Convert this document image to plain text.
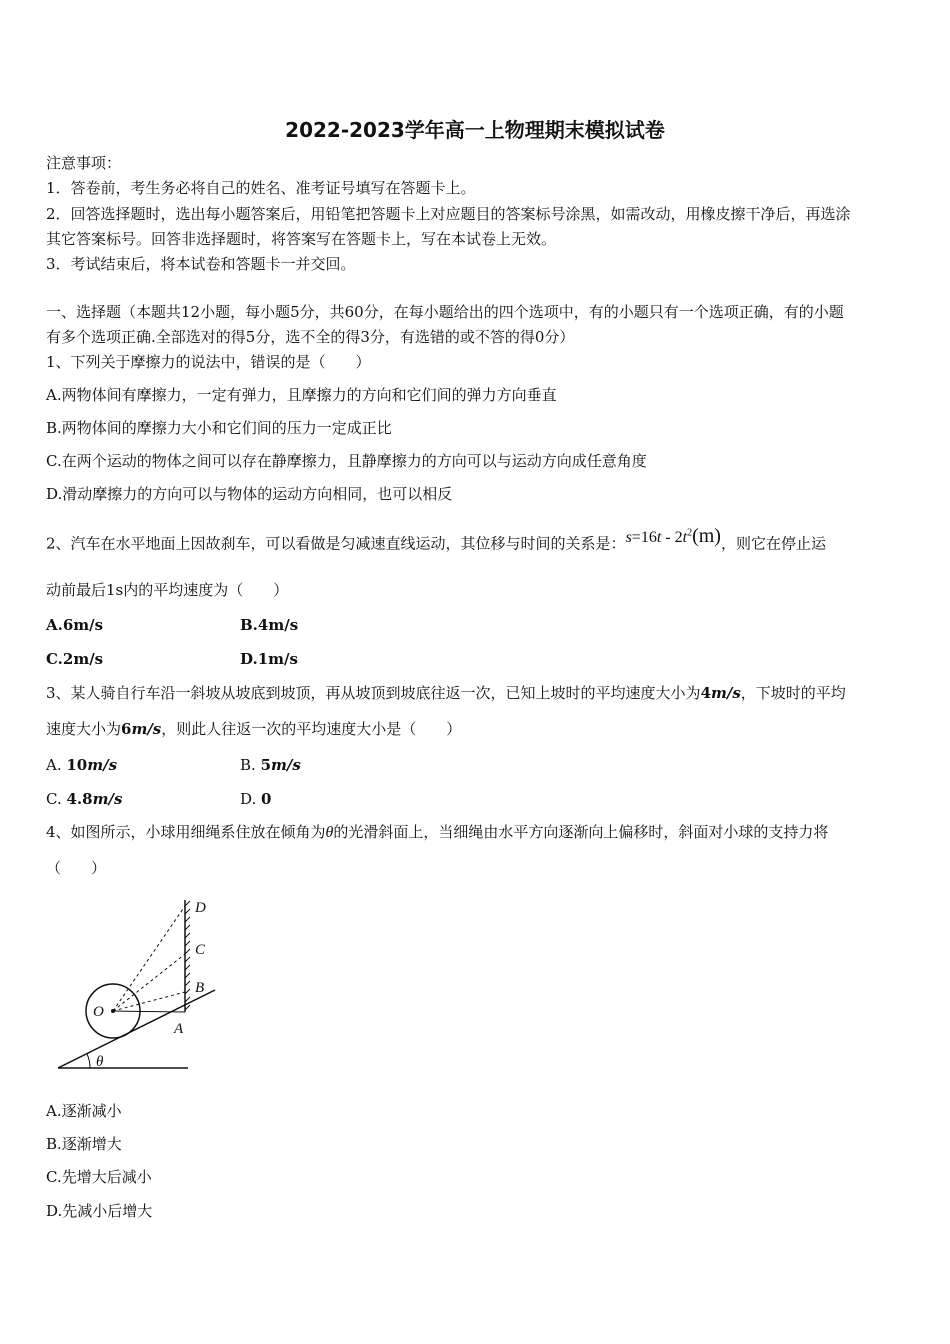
2022-2023学年高一上物理期末模拟试卷
注意事项：
1．答卷前，考生务必将自己的姓名、准考证号填写在答题卡上。
2．回答选择题时，选出每小题答案后，用铅笔把答题卡上对应题目的答案标号涂黑，如需改动，用橡皮擦干净后，再选涂
其它答案标号。回答非选择题时，将答案写在答题卡上，写在本试卷上无效。
3．考试结束后，将本试卷和答题卡一并交回。
一、选择题（本题共12小题，每小题5分，共60分，在每小题给出的四个选项中，有的小题只有一个选项正确，有的小题
有多个选项正确.全部选对的得5分，选不全的得3分，有选错的或不答的得0分）
1、下列关于摩擦力的说法中，错误的是（　　）
A.两物体间有摩擦力，一定有弹力，且摩擦力的方向和它们间的弹力方向垂直
B.两物体间的摩擦力大小和它们间的压力一定成正比
C.在两个运动的物体之间可以存在静摩擦力，且静摩擦力的方向可以与运动方向成任意角度
D.滑动摩擦力的方向可以与物体的运动方向相同，也可以相反
2、汽车在水平地面上因故刹车，可以看做是匀减速直线运动，其位移与时间的关系是：$s=16t - 2t^2(m)$，则它在停止运
动前最后1s内的平均速度为（　　）
A.6m/s	B.4m/s
C.2m/s	D.1m/s
3、某人骑自行车沿一斜坡从坡底到坡顶，再从坡顶到坡底往返一次，已知上坡时的平均速度大小为4m/s，下坡时的平均
速度大小为6m/s，则此人往返一次的平均速度大小是（　　）
A. 10m/s	B. 5m/s
C. 4.8m/s	D. 0
4、如图所示，小球用细绳系住放在倾角为θ的光滑斜面上，当细绳由水平方向逐渐向上偏移时，斜面对小球的支持力将
（　　）
O
A
B
C
D
θ
A.逐渐减小
B.逐渐增大
C.先增大后减小
D.先减小后增大
